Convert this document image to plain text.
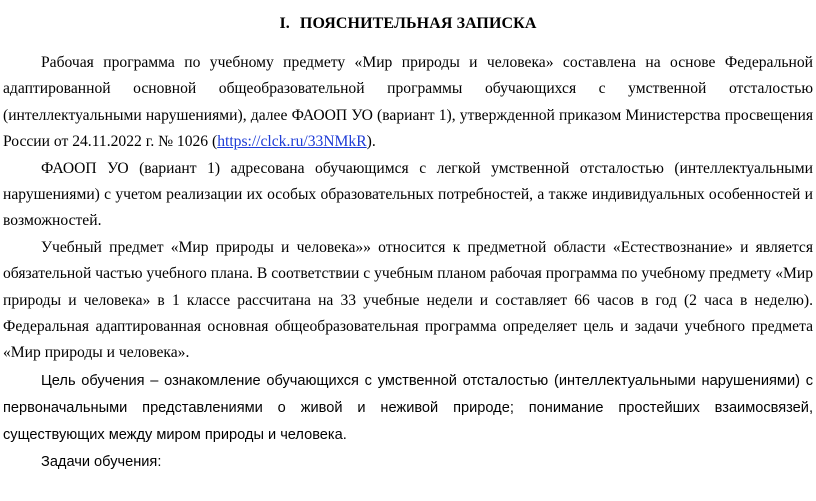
I. ПОЯСНИТЕЛЬНАЯ ЗАПИСКА

Рабочая программа по учебному предмету «Мир природы и человека» составлена на основе Федеральной адаптированной основной общеобразовательной программы обучающихся с умственной отсталостью (интеллектуальными нарушениями), далее ФАООП УО (вариант 1), утвержденной приказом Министерства просвещения России от 24.11.2022 г. № 1026 (https://clck.ru/33NMkR).

ФАООП УО (вариант 1) адресована обучающимся с легкой умственной отсталостью (интеллектуальными нарушениями) с учетом реализации их особых образовательных потребностей, а также индивидуальных особенностей и возможностей.

Учебный предмет «Мир природы и человека»» относится к предметной области «Естествознание» и является обязательной частью учебного плана. В соответствии с учебным планом рабочая программа по учебному предмету «Мир природы и человека» в 1 классе рассчитана на 33 учебные недели и составляет 66 часов в год (2 часа в неделю). Федеральная адаптированная основная общеобразовательная программа определяет цель и задачи учебного предмета «Мир природы и человека».

Цель обучения – ознакомление обучающихся с умственной отсталостью (интеллектуальными нарушениями) с первоначальными представлениями о живой и неживой природе; понимание простейших взаимосвязей, существующих между миром природы и человека.

Задачи обучения:
